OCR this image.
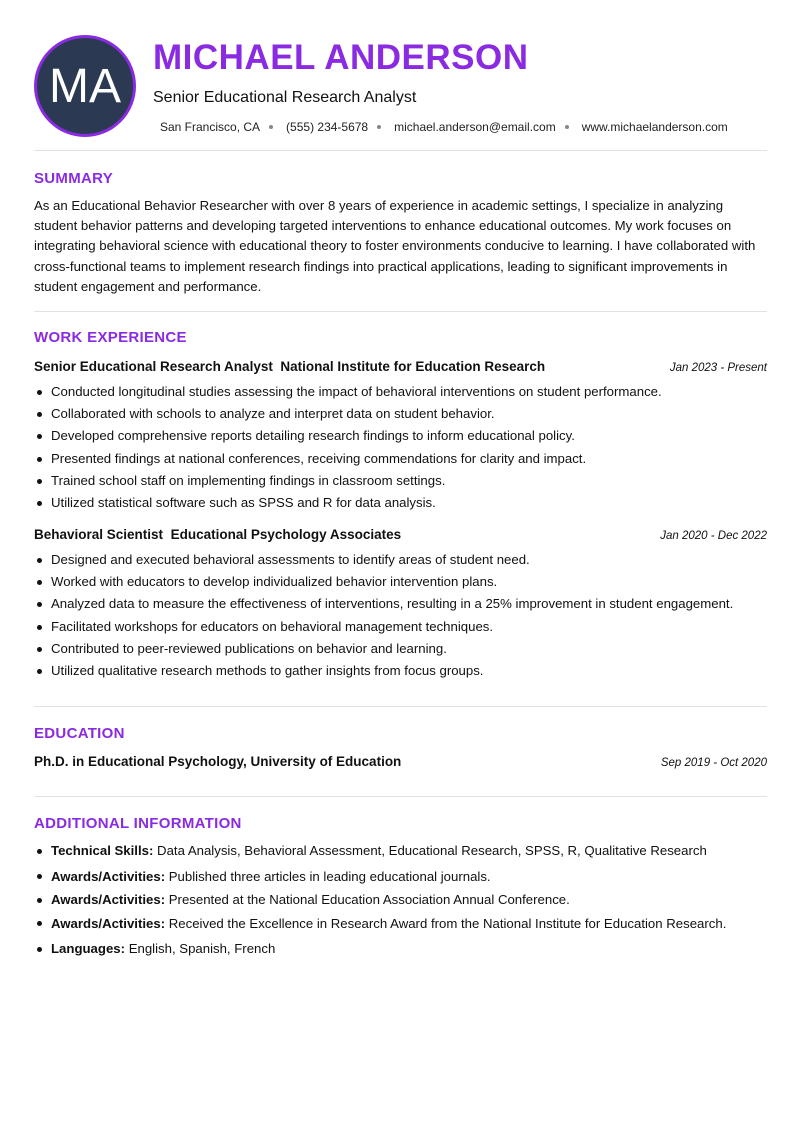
MA
MICHAEL ANDERSON
Senior Educational Research Analyst
San Francisco, CA (555) 234-5678 michael.anderson@email.com www.michaelanderson.com
SUMMARY
As an Educational Behavior Researcher with over 8 years of experience in academic settings, I specialize in analyzing student behavior patterns and developing targeted interventions to enhance educational outcomes. My work focuses on integrating behavioral science with educational theory to foster environments conducive to learning. I have collaborated with cross-functional teams to implement research findings into practical applications, leading to significant improvements in student engagement and performance.
WORK EXPERIENCE
Senior Educational Research Analyst National Institute for Education Research	Jan 2023 - Present
Conducted longitudinal studies assessing the impact of behavioral interventions on student performance.
Collaborated with schools to analyze and interpret data on student behavior.
Developed comprehensive reports detailing research findings to inform educational policy.
Presented findings at national conferences, receiving commendations for clarity and impact.
Trained school staff on implementing findings in classroom settings.
Utilized statistical software such as SPSS and R for data analysis.
Behavioral Scientist Educational Psychology Associates	Jan 2020 - Dec 2022
Designed and executed behavioral assessments to identify areas of student need.
Worked with educators to develop individualized behavior intervention plans.
Analyzed data to measure the effectiveness of interventions, resulting in a 25% improvement in student engagement.
Facilitated workshops for educators on behavioral management techniques.
Contributed to peer-reviewed publications on behavior and learning.
Utilized qualitative research methods to gather insights from focus groups.
EDUCATION
Ph.D. in Educational Psychology, University of Education	Sep 2019 - Oct 2020
ADDITIONAL INFORMATION
Technical Skills: Data Analysis, Behavioral Assessment, Educational Research, SPSS, R, Qualitative Research
Awards/Activities: Published three articles in leading educational journals.
Awards/Activities: Presented at the National Education Association Annual Conference.
Awards/Activities: Received the Excellence in Research Award from the National Institute for Education Research.
Languages: English, Spanish, French
